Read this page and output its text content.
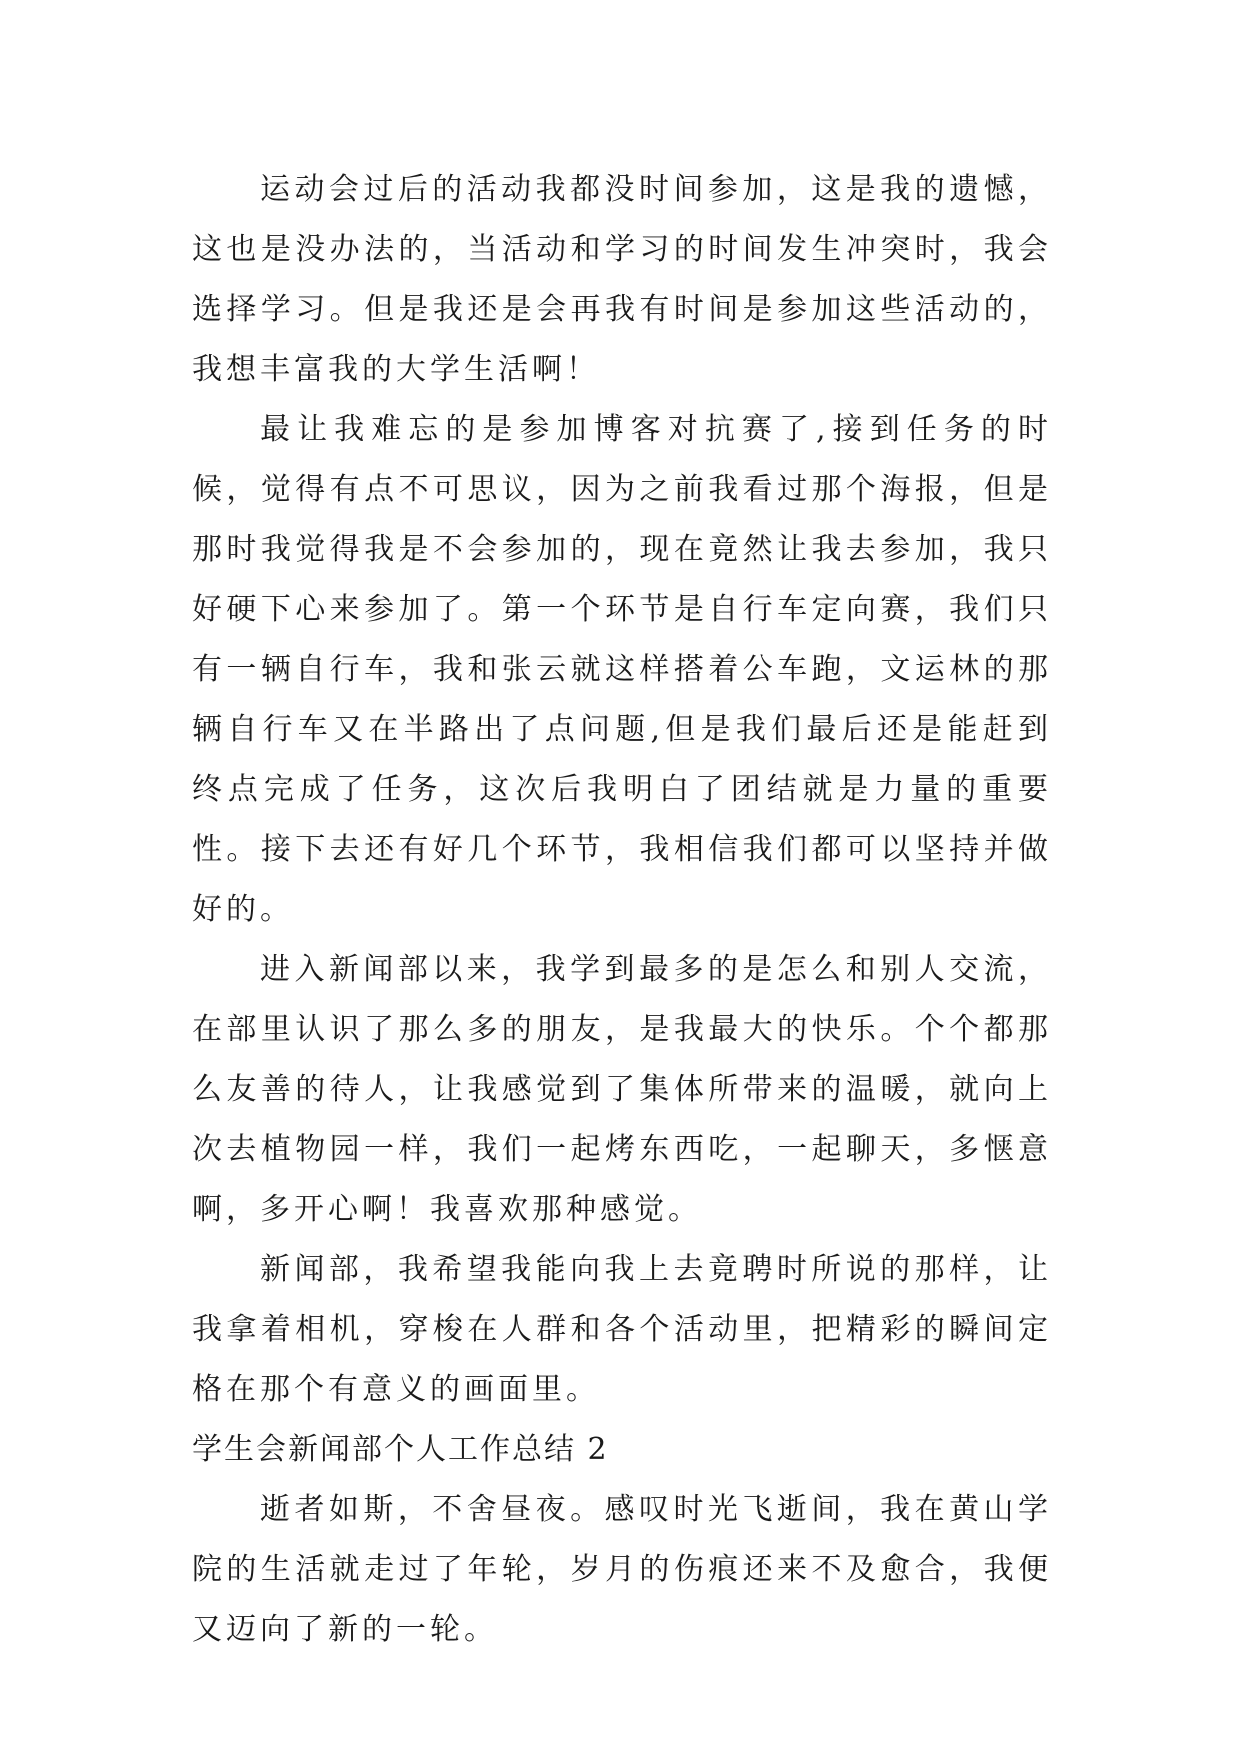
运动会过后的活动我都没时间参加，这是我的遗憾，这也是没办法的，当活动和学习的时间发生冲突时，我会选择学习。但是我还是会再我有时间是参加这些活动的，我想丰富我的大学生活啊！

最让我难忘的是参加博客对抗赛了,接到任务的时候，觉得有点不可思议，因为之前我看过那个海报，但是那时我觉得我是不会参加的，现在竟然让我去参加，我只好硬下心来参加了。第一个环节是自行车定向赛，我们只有一辆自行车，我和张云就这样搭着公车跑，文运林的那辆自行车又在半路出了点问题,但是我们最后还是能赶到终点完成了任务，这次后我明白了团结就是力量的重要性。接下去还有好几个环节，我相信我们都可以坚持并做好的。

进入新闻部以来，我学到最多的是怎么和别人交流，在部里认识了那么多的朋友，是我最大的快乐。个个都那么友善的待人，让我感觉到了集体所带来的温暖，就向上次去植物园一样，我们一起烤东西吃，一起聊天，多惬意啊，多开心啊！我喜欢那种感觉。

新闻部，我希望我能向我上去竟聘时所说的那样，让我拿着相机，穿梭在人群和各个活动里，把精彩的瞬间定格在那个有意义的画面里。

学生会新闻部个人工作总结 2

逝者如斯，不舍昼夜。感叹时光飞逝间，我在黄山学院的生活就走过了年轮，岁月的伤痕还来不及愈合，我便又迈向了新的一轮。
